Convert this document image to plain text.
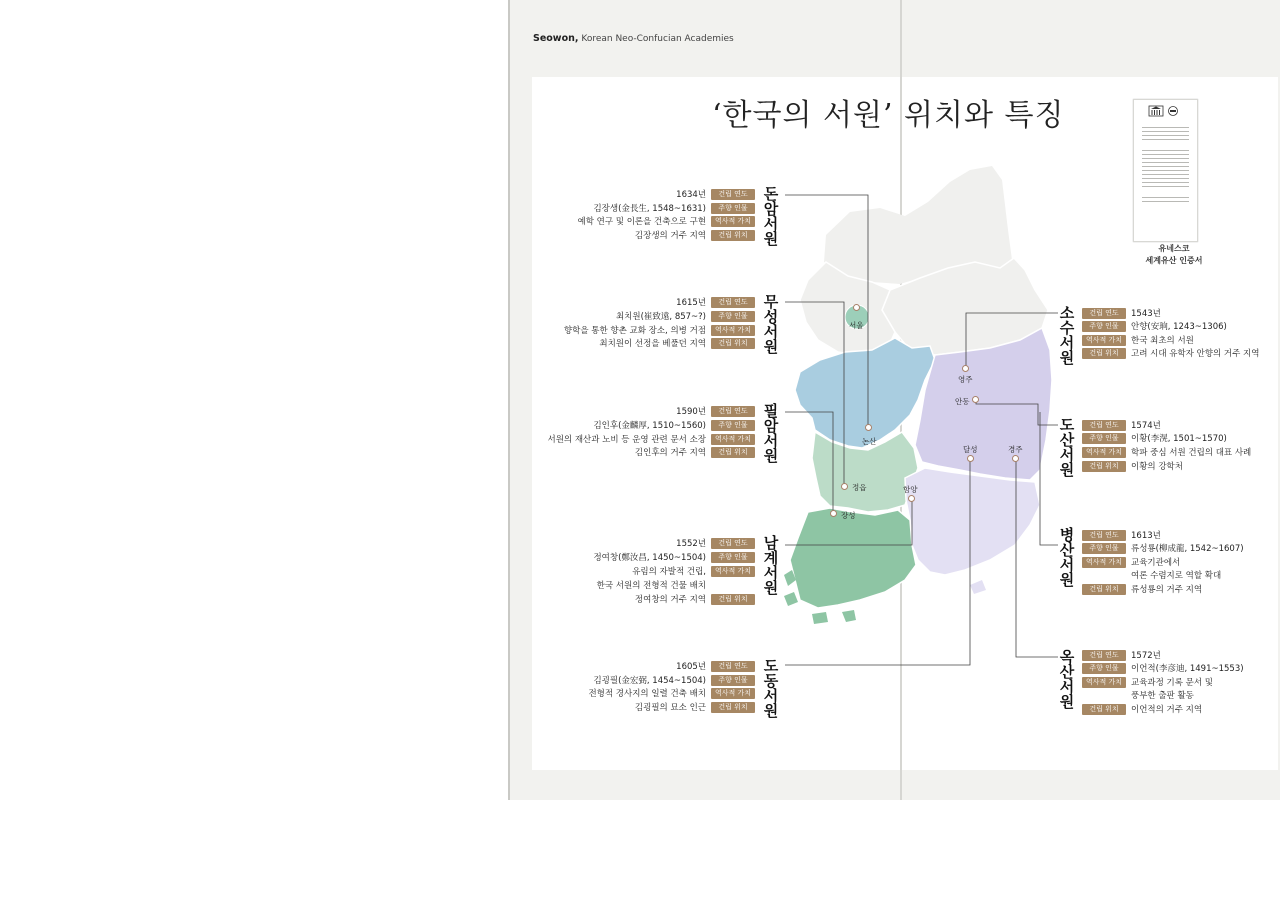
Seowon, Korean Neo-Confucian Academies
‘한국의 서원’ 위치와 특징
유네스코
세계유산 인증서
서울
논산
정읍
장성
함양
영주
안동
달성	경주
1634년	건립 연도
김장생(金長生, 1548~1631)	주향 인물
예학 연구 및 이론을 건축으로 구현	역사적 가치
김장생의 거주 지역	건립 위치
돈
암
서
원
1615년	건립 연도
최치원(崔致遠, 857~?)	주향 인물
향학을 통한 향촌 교화 장소, 의병 거점	역사적 가치
최치원이 선정을 베풀던 지역	건립 위치
무
성
서
원
1590년	건립 연도
김인후(金麟厚, 1510~1560)	주향 인물
서원의 재산과 노비 등 운영 관련 문서 소장	역사적 가치
김인후의 거주 지역	건립 위치
필
암
서
원
1552년	건립 연도
정여창(鄭汝昌, 1450~1504)	주향 인물
유림의 자발적 건립,	역사적 가치
한국 서원의 전형적 건물 배치
정여창의 거주 지역	건립 위치
남
계
서
원
1605년	건립 연도
김굉필(金宏弼, 1454~1504)	주향 인물
전형적 경사지의 일렬 건축 배치	역사적 가치
김굉필의 묘소 인근	건립 위치
도
동
서
원
소
수
서
원
건립 연도	1543년
주향 인물	안향(安珦, 1243~1306)
역사적 가치	한국 최초의 서원
건립 위치	고려 시대 유학자 안향의 거주 지역
도
산
서
원
건립 연도	1574년
주향 인물	이황(李滉, 1501~1570)
역사적 가치	학파 중심 서원 건립의 대표 사례
건립 위치	이황의 강학처
병
산
서
원
건립 연도	1613년
주향 인물	류성룡(柳成龍, 1542~1607)
역사적 가치	교육기관에서
여론 수렴지로 역할 확대
건립 위치	류성룡의 거주 지역
옥
산
서
원
건립 연도	1572년
주향 인물	이언적(李彦迪, 1491~1553)
역사적 가치	교육과정 기록 문서 및
풍부한 출판 활동
건립 위치	이언적의 거주 지역
